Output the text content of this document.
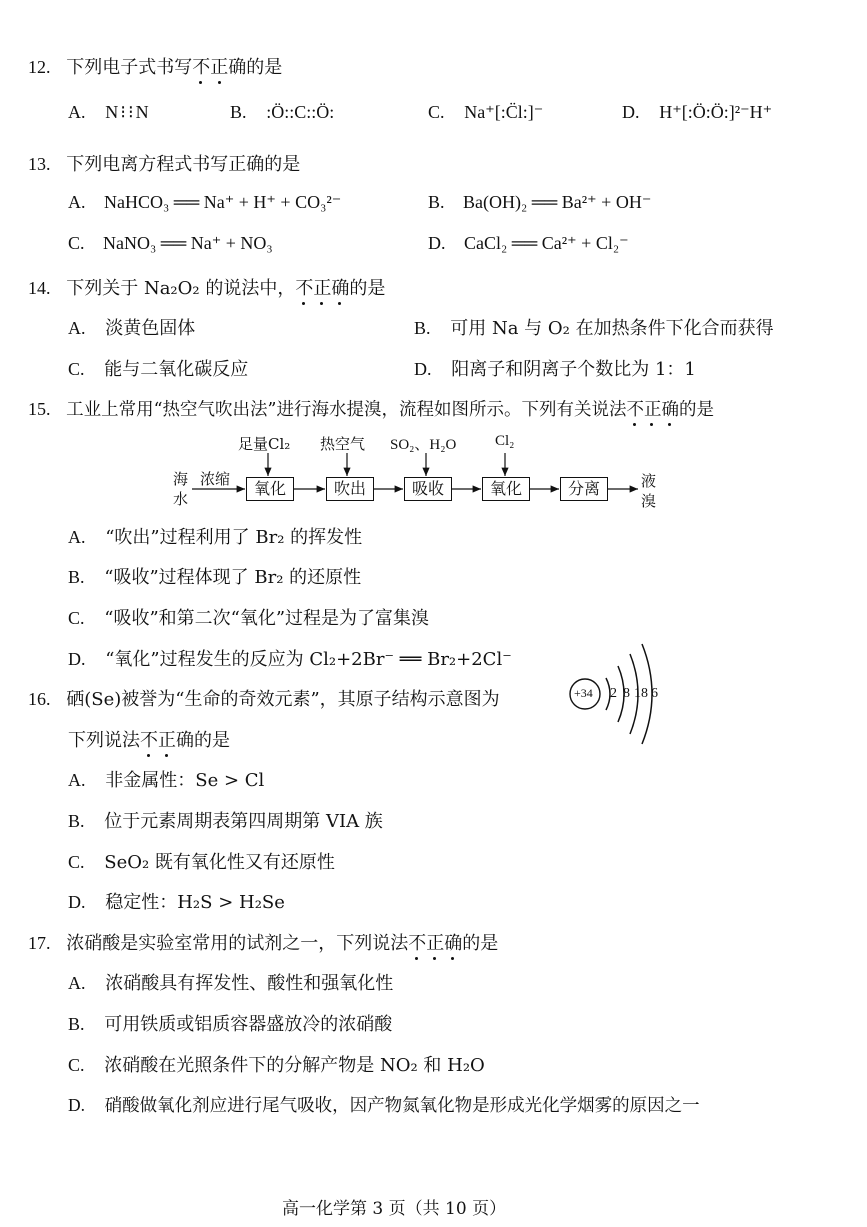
12. 下列电子式书写不正
确的是
A. N⁝⁝N	B. :Ö::C::Ö:	C. Na⁺[:C̈l:]⁻	D. H⁺[:Ö:Ö:]²⁻H⁺
13. 下列电离方程式书写正确的是
A. NaHCO₃ ══ Na⁺ + H⁺ + CO₃²⁻	B. Ba(OH)₂ ══ Ba²⁺ + OH⁻
C. NaNO₃ ══ Na⁺ + NO₃	D. CaCl₂ ══ Ca²⁺ + Cl₂⁻
14. 下列关于 Na₂O₂ 的说法中，不正确
的是
A. 淡黄色固体	B. 可用 Na 与 O₂ 在加热条件下化合而获得
C. 能与二氧化碳反应	D. 阳离子和阴离子个数比为 1：1
15. 工业上常用“热空气吹出法”进行海水提溴，流程如图所示。下列有关说法不正确
的是
海
水
浓缩
足量Cl₂ 热空气 SO₂、H₂O	Cl₂
氧化	吹出	吸收	氧化	分离	液
溴
A. “吹出”过程利用了 Br₂ 的挥发性
B. “吸收”过程体现了 Br₂ 的还原性
C. “吸收”和第二次“氧化”过程是为了富集溴
D. “氧化”过程发生的反应为 Cl₂+2Br⁻ ══ Br₂+2Cl⁻
16. 硒(Se)被誉为“生命的奇效元素”，其原子结构示意图为	+34 2 8 18 6
下列说法不正
确的是
A. 非金属性：Se > Cl
B. 位于元素周期表第四周期第 VIA 族
C. SeO₂ 既有氧化性又有还原性
D. 稳定性：H₂S > H₂Se
17. 浓硝酸是实验室常用的试剂之一，下列说法不正确
的是
A. 浓硝酸具有挥发性、酸性和强氧化性
B. 可用铁质或铝质容器盛放冷的浓硝酸
C. 浓硝酸在光照条件下的分解产物是 NO₂ 和 H₂O
D. 硝酸做氧化剂应进行尾气吸收，因产物氮氧化物是形成光化学烟雾的原因之一
高一化学第 3 页（共 10 页）
